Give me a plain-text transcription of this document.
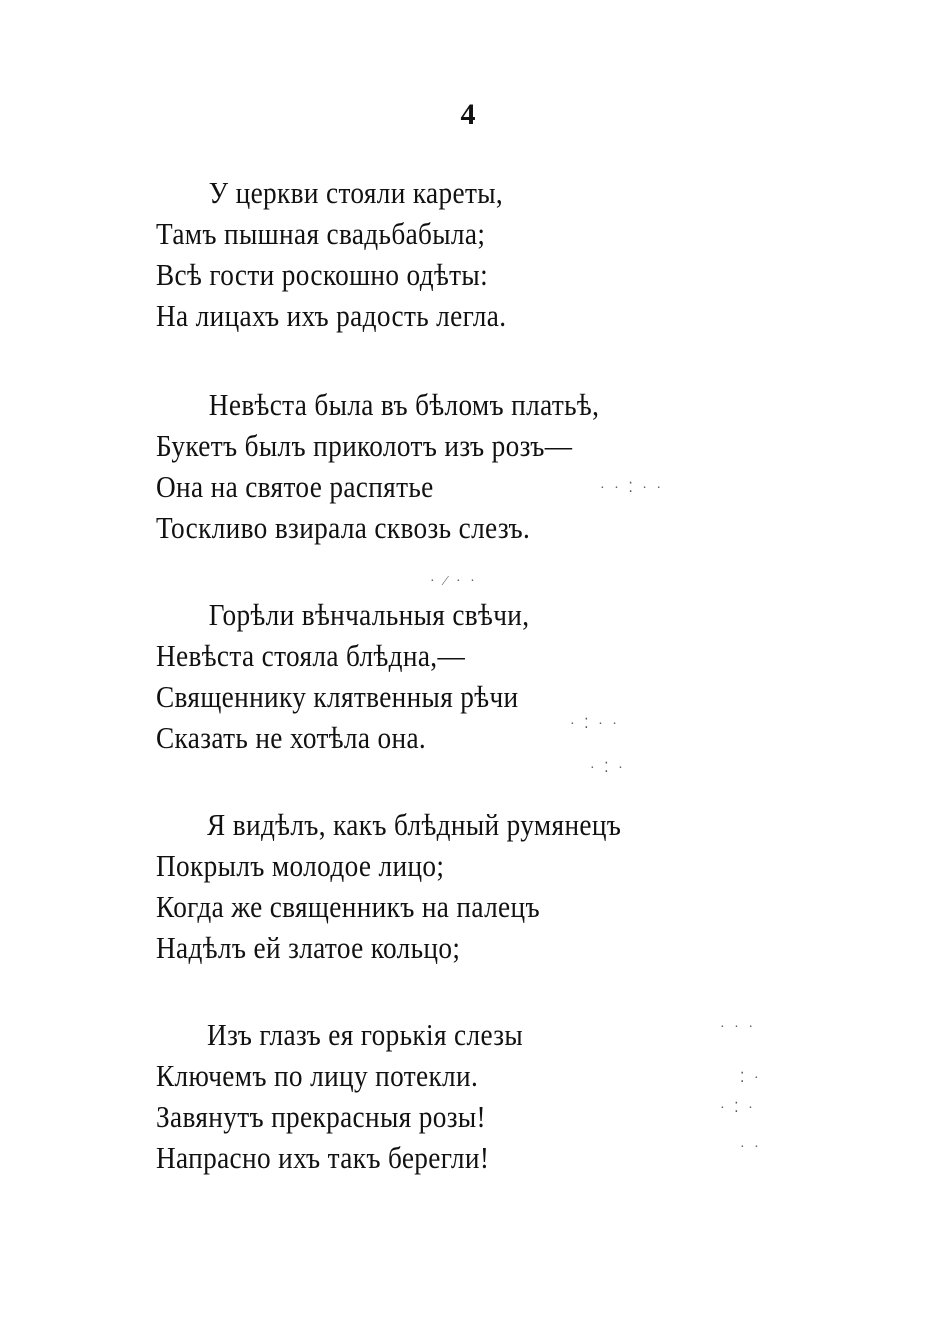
4
У церкви стояли кареты,
Тамъ пышная свадьбабыла;
Всѣ гости роскошно одѣты:
На лицахъ ихъ радость легла.
Невѣста была въ бѣломъ платьѣ,
Букетъ былъ приколотъ изъ розъ—
Она на святое распятье
Тоскливо взирала сквозь слезъ.
Горѣли вѣнчальныя свѣчи,
Невѣста стояла блѣдна,—
Священнику клятвенныя рѣчи
Сказать не хотѣла она.
Я видѣлъ, какъ блѣдный румянецъ
Покрылъ молодое лицо;
Когда же священникъ на палецъ
Надѣлъ ей златое кольцо;
Изъ глазъ ея горькія слезы
Ключемъ по лицу потекли.
Завянутъ прекрасныя розы!
Напрасно ихъ такъ берегли!
· · ⁚ · ·
· ⁄ · ·
· ⁚ · ·
· ⁚ ·
· · ·
⁚ ·
· ⁚ ·
· ·
